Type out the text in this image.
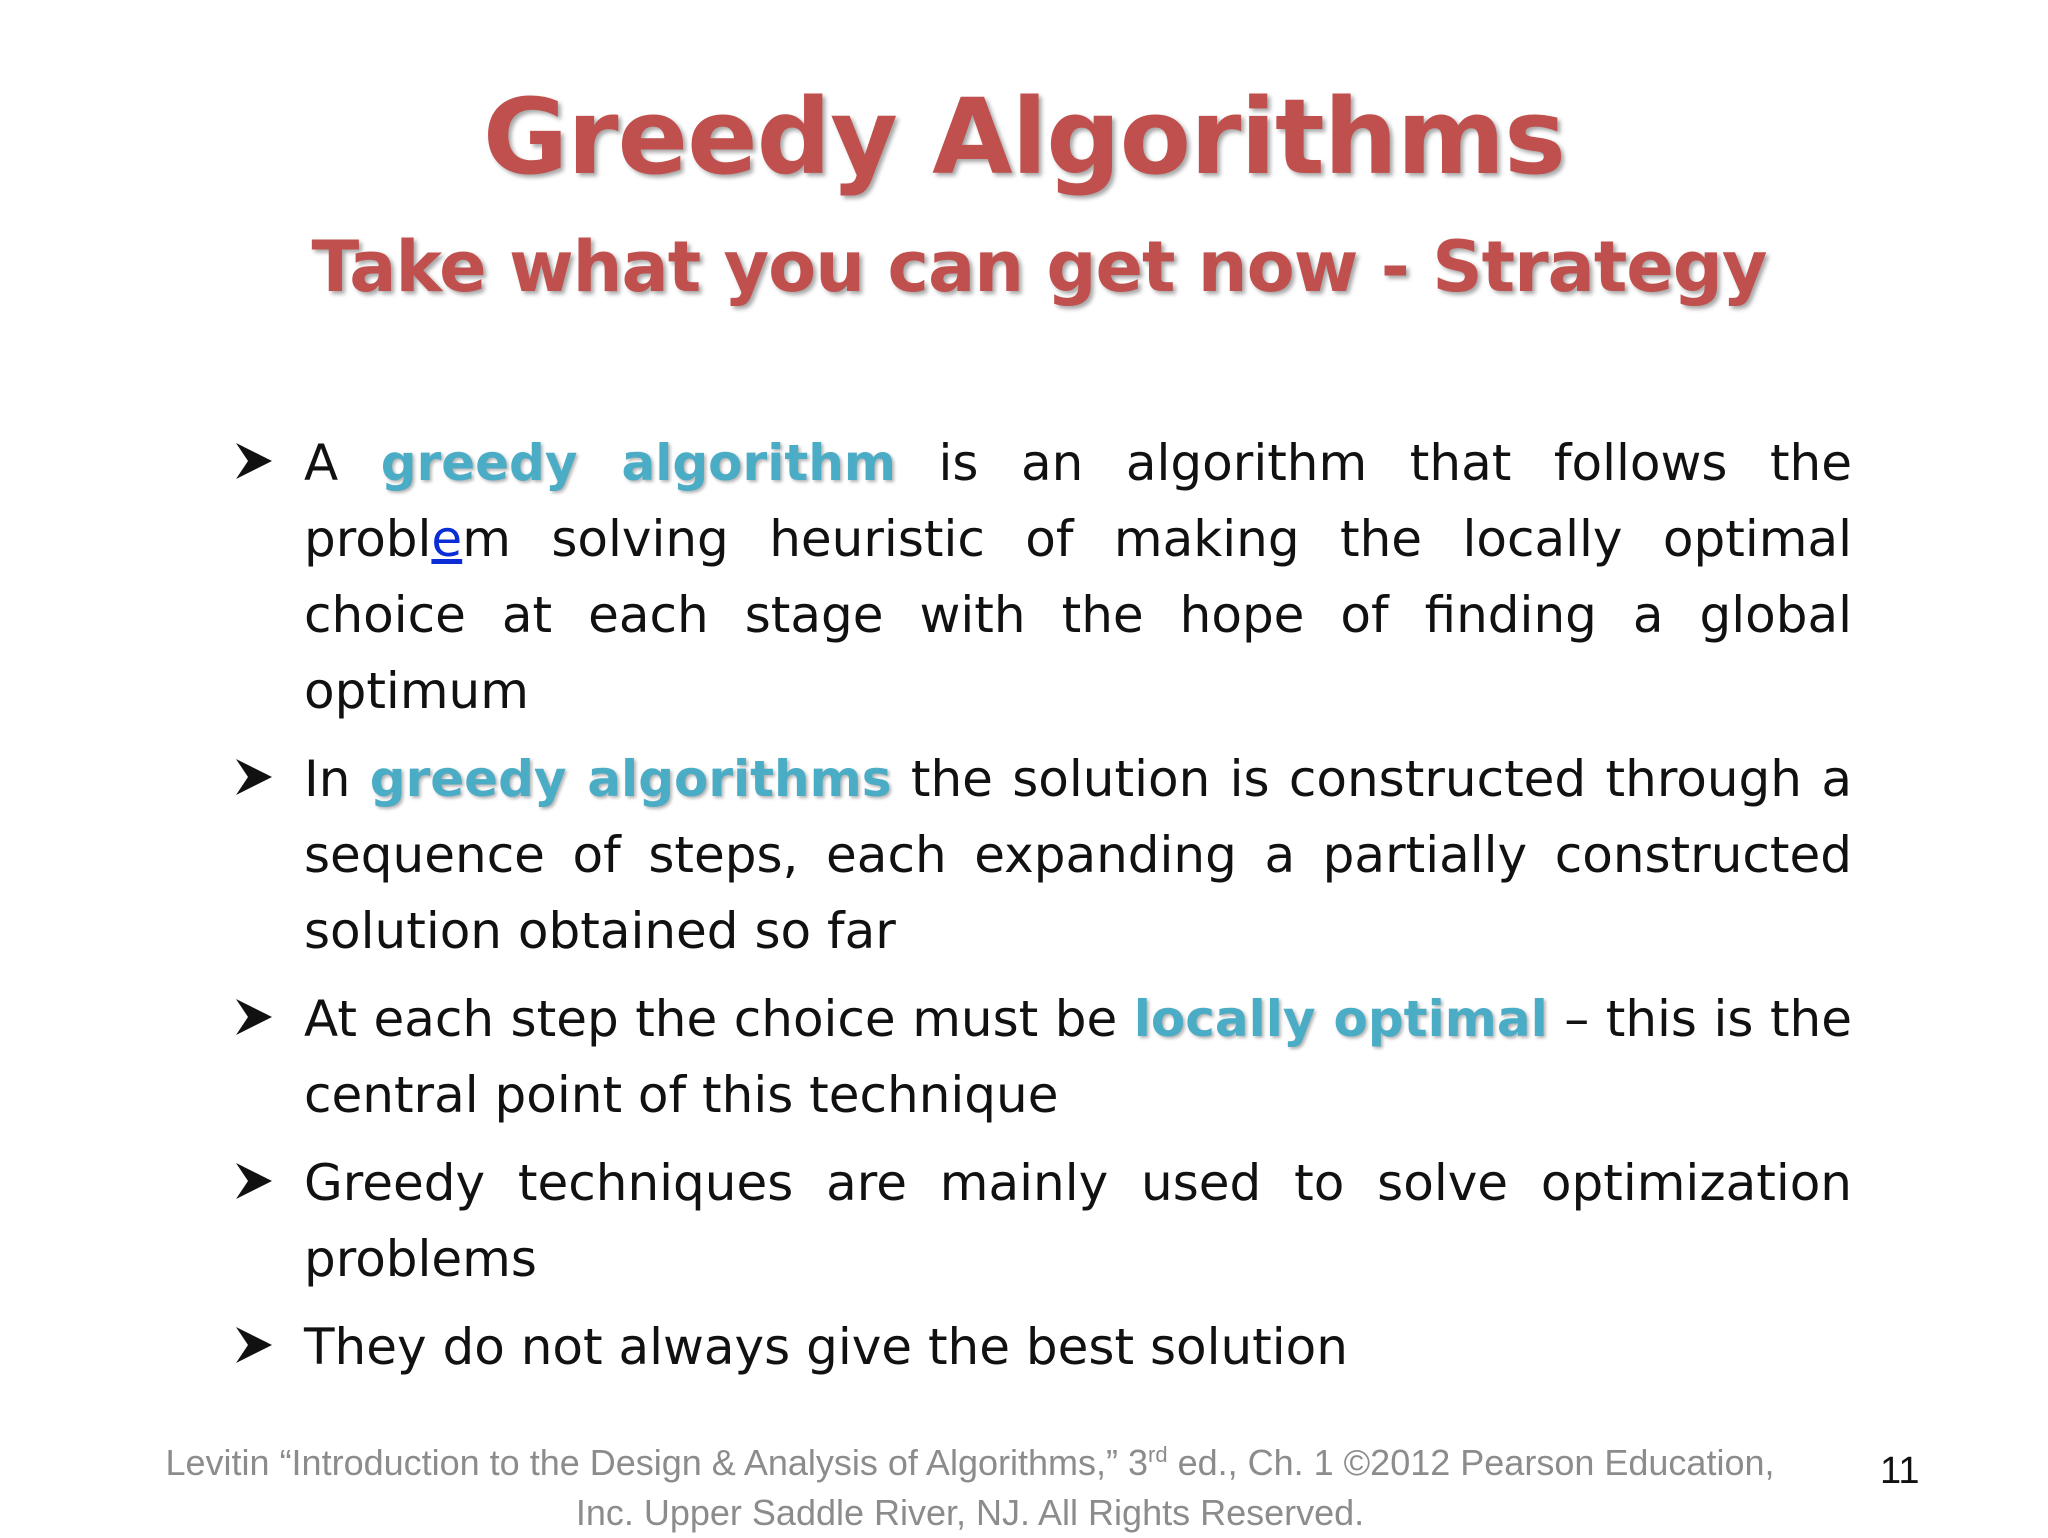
Greedy Algorithms
Take what you can get now - Strategy
A greedy algorithm is an algorithm that follows the problem solving heuristic of making the locally optimal choice at each stage with the hope of finding a global optimum
In greedy algorithms the solution is constructed through a sequence of steps, each expanding a partially constructed solution obtained so far
At each step the choice must be locally optimal – this is the central point of this technique
Greedy techniques are mainly used to solve optimization problems
They do not always give the best solution
Levitin “Introduction to the Design & Analysis of Algorithms,” 3rd ed., Ch. 1 ©2012 Pearson Education, Inc. Upper Saddle River, NJ. All Rights Reserved.
11
